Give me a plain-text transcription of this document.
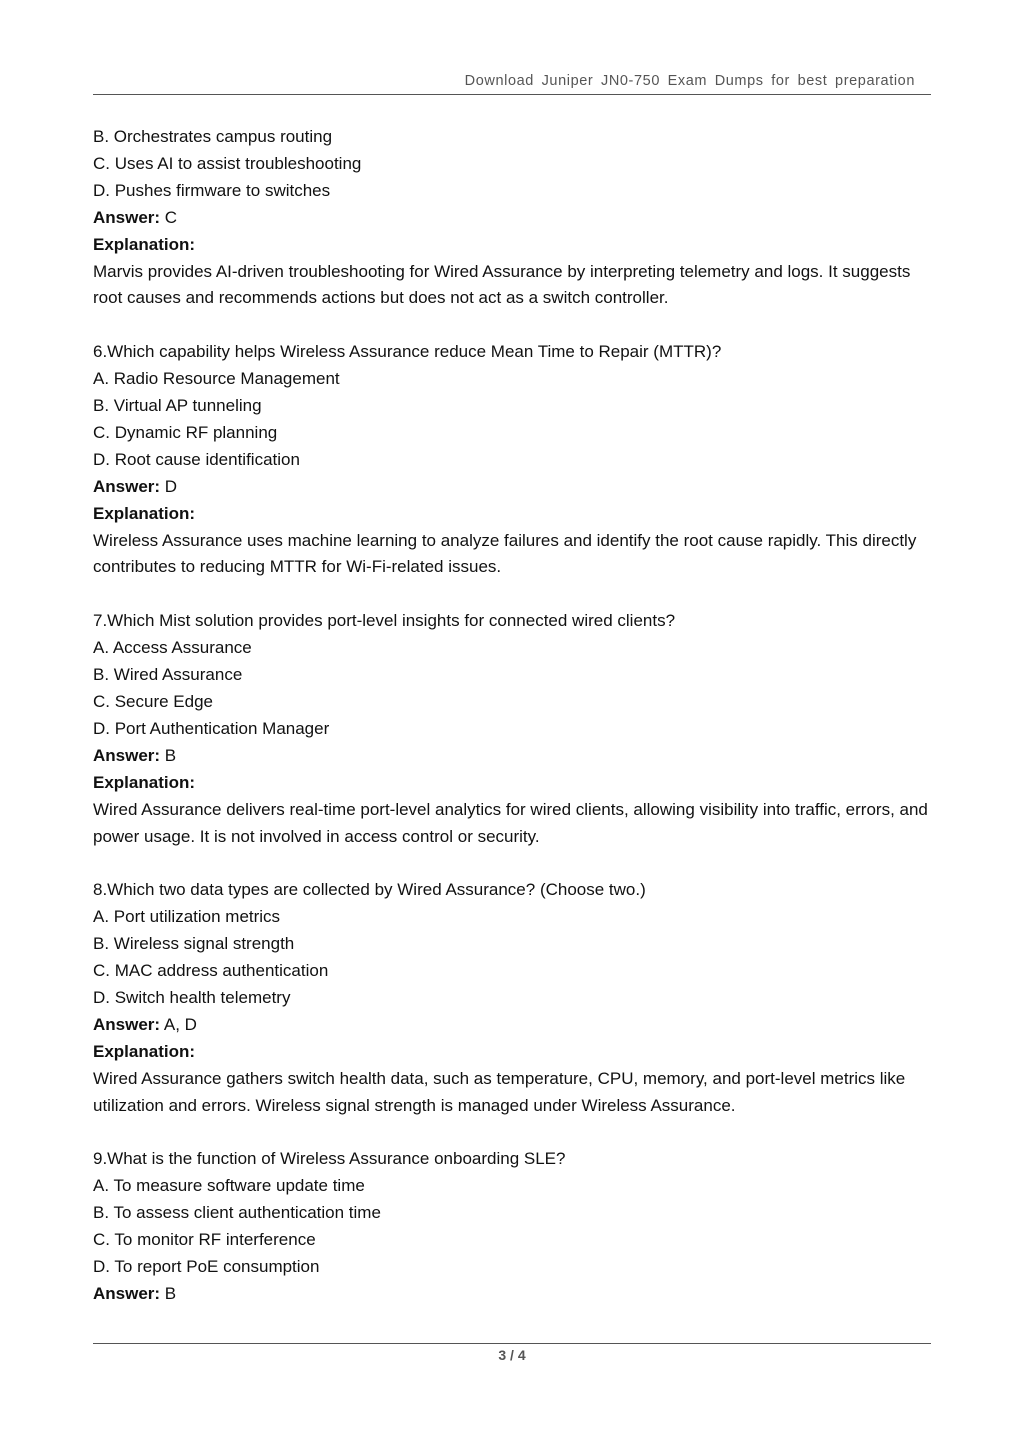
Download Juniper JN0-750 Exam Dumps for best preparation

B. Orchestrates campus routing

C. Uses AI to assist troubleshooting

D. Pushes firmware to switches

Answer: C

Explanation:

Marvis provides AI-driven troubleshooting for Wired Assurance by interpreting telemetry and logs. It suggests root causes and recommends actions but does not act as a switch controller.

6.Which capability helps Wireless Assurance reduce Mean Time to Repair (MTTR)?

A. Radio Resource Management

B. Virtual AP tunneling

C. Dynamic RF planning

D. Root cause identification

Answer: D

Explanation:

Wireless Assurance uses machine learning to analyze failures and identify the root cause rapidly. This directly contributes to reducing MTTR for Wi-Fi-related issues.

7.Which Mist solution provides port-level insights for connected wired clients?

A. Access Assurance

B. Wired Assurance

C. Secure Edge

D. Port Authentication Manager

Answer: B

Explanation:

Wired Assurance delivers real-time port-level analytics for wired clients, allowing visibility into traffic, errors, and power usage. It is not involved in access control or security.

8.Which two data types are collected by Wired Assurance? (Choose two.)

A. Port utilization metrics

B. Wireless signal strength

C. MAC address authentication

D. Switch health telemetry

Answer: A, D

Explanation:

Wired Assurance gathers switch health data, such as temperature, CPU, memory, and port-level metrics like utilization and errors. Wireless signal strength is managed under Wireless Assurance.

9.What is the function of Wireless Assurance onboarding SLE?

A. To measure software update time

B. To assess client authentication time

C. To monitor RF interference

D. To report PoE consumption

Answer: B

3 / 4
